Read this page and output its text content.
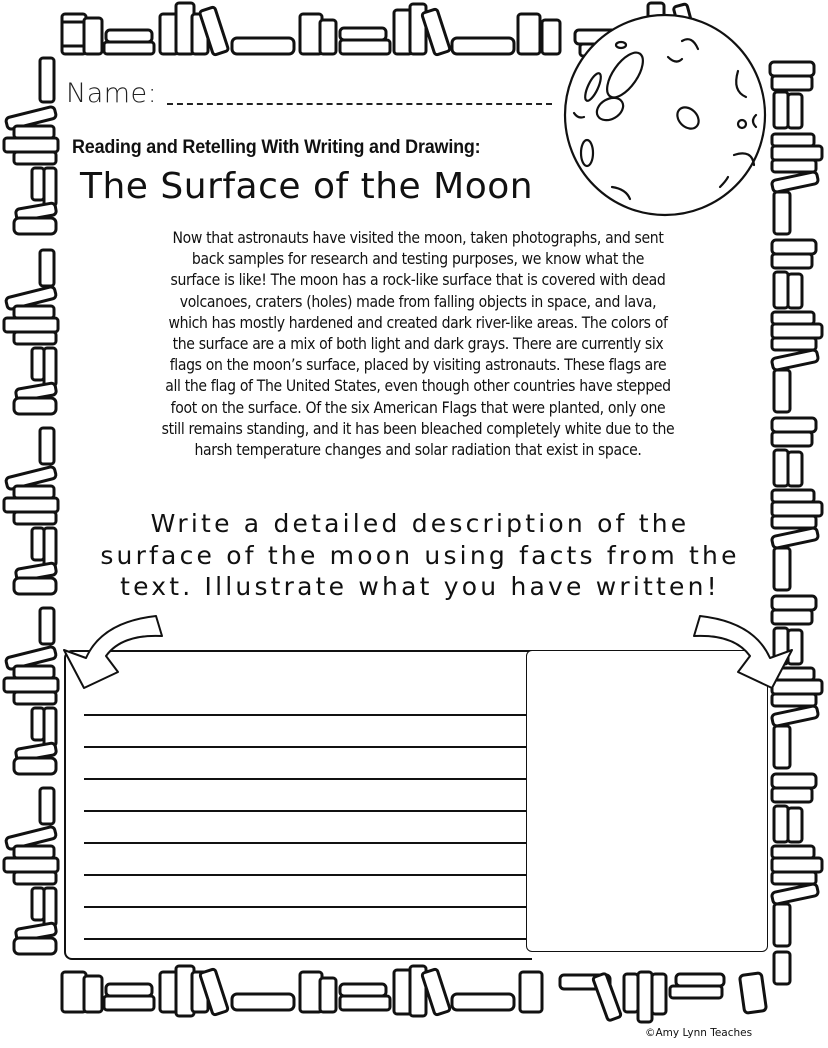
Name:
Reading and Retelling With Writing and Drawing:
The Surface of the Moon
Now that astronauts have visited the moon, taken photographs, and sent
back samples for research and testing purposes, we know what the
surface is like! The moon has a rock-like surface that is covered with dead
volcanoes, craters (holes) made from falling objects in space, and lava,
which has mostly hardened and created dark river-like areas. The colors of
the surface are a mix of both light and dark grays. There are currently six
flags on the moon’s surface, placed by visiting astronauts. These flags are
all the flag of The United States, even though other countries have stepped
foot on the surface. Of the six American Flags that were planted, only one
still remains standing, and it has been bleached completely white due to the
harsh temperature changes and solar radiation that exist in space.
Write a detailed description of the
surface of the moon using facts from the
text. Illustrate what you have written!
©Amy Lynn Teaches
